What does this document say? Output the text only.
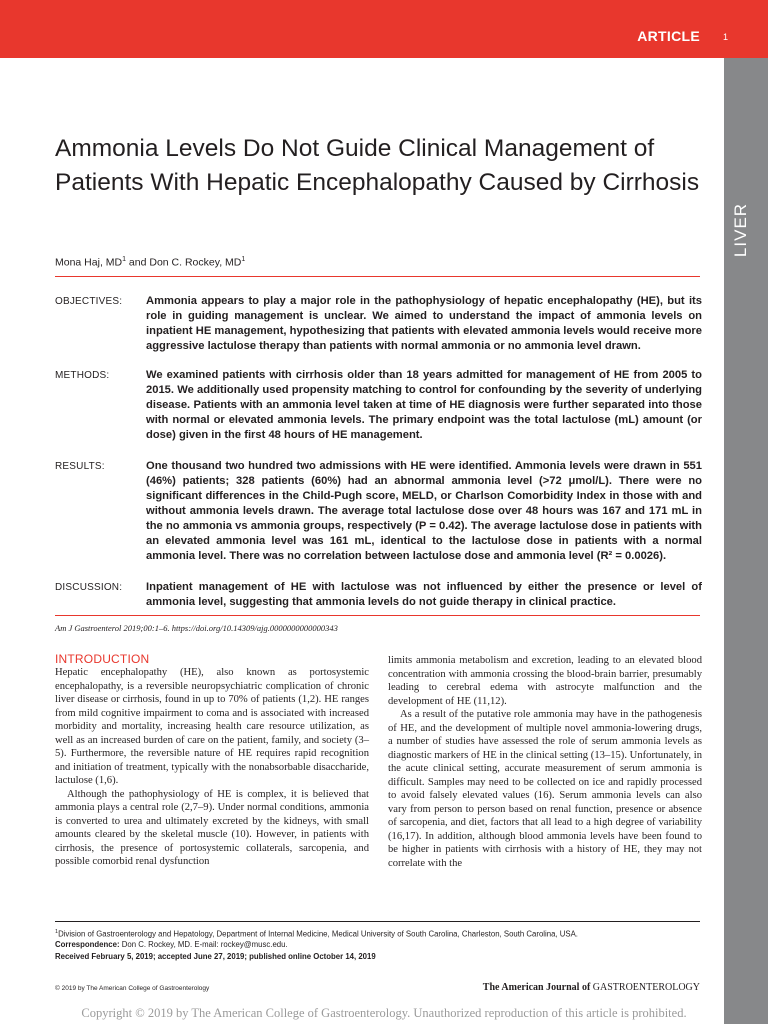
ARTICLE	1
LIVER
Ammonia Levels Do Not Guide Clinical Management of Patients With Hepatic Encephalopathy Caused by Cirrhosis
Mona Haj, $MD^1$ and Don C. Rockey, $MD^1$
OBJECTIVES: Ammonia appears to play a major role in the pathophysiology of hepatic encephalopathy (HE), but its role in guiding management is unclear. We aimed to understand the impact of ammonia levels on inpatient HE management, hypothesizing that patients with elevated ammonia levels would receive more aggressive lactulose therapy than patients with normal ammonia or no ammonia level drawn.
METHODS:	We examined patients with cirrhosis older than 18 years admitted for management of HE from 2005 to 2015. We additionally used propensity matching to control for confounding by the severity of underlying disease. Patients with an ammonia level taken at time of HE diagnosis were further separated into those with normal or elevated ammonia levels. The primary endpoint was the total lactulose (mL) amount (or dose) given in the first 48 hours of HE management.
RESULTS:	One thousand two hundred two admissions with HE were identified. Ammonia levels were drawn in 551 (46%) patients; 328 patients (60%) had an abnormal ammonia level (>72 μmol/L). There were no significant differences in the Child-Pugh score, MELD, or Charlson Comorbidity Index in those with and without ammonia levels drawn. The average total lactulose dose over 48 hours was 167 and 171 mL in the no ammonia vs ammonia groups, respectively (P = 0.42). The average lactulose dose in patients with an elevated ammonia level was 161 mL, identical to the lactulose dose in patients with a normal ammonia level. There was no correlation between lactulose dose and ammonia level (R² = 0.0026).
DISCUSSION: Inpatient management of HE with lactulose was not influenced by either the presence or level of ammonia level, suggesting that ammonia levels do not guide therapy in clinical practice.
Am J Gastroenterol 2019;00:1–6. https://doi.org/10.14309/ajg.0000000000000343
INTRODUCTION

Hepatic encephalopathy (HE), also known as portosystemic encephalopathy, is a reversible neuropsychiatric complication of chronic liver disease or cirrhosis, found in up to 70% of patients (1,2). HE ranges from mild cognitive impairment to coma and is associated with increased morbidity and mortality, increasing health care resource utilization, as well as an increased burden of care on the patient, family, and society (3–5). Furthermore, the reversible nature of HE requires rapid recognition and initiation of treatment, typically with the nonabsorbable disaccharide, lactulose (1,6).

Although the pathophysiology of HE is complex, it is believed that ammonia plays a central role (2,7–9). Under normal conditions, ammonia is converted to urea and ultimately excreted by the kidneys, with small amounts cleared by the skeletal muscle (10). However, in patients with cirrhosis, the presence of portosystemic collaterals, sarcopenia, and possible comorbid renal dysfunction

limits ammonia metabolism and excretion, leading to an elevated blood concentration with ammonia crossing the blood-brain barrier, presumably leading to cerebral edema with astrocyte malfunction and the development of HE (11,12).

As a result of the putative role ammonia may have in the pathogenesis of HE, and the development of multiple novel ammonia-lowering drugs, a number of studies have assessed the role of serum ammonia levels as diagnostic markers of HE in the clinical setting (13–15). Unfortunately, in the acute clinical setting, accurate measurement of serum ammonia is difficult. Samples may need to be collected on ice and rapidly processed to avoid falsely elevated values (16). Serum ammonia levels can also vary from person to person based on renal function, presence or absence of sarcopenia, and diet, factors that all lead to a high degree of variability (16,17). In addition, although blood ammonia levels have been found to be higher in patients with cirrhosis with a history of HE, they may not correlate with the

$^1$Division of Gastroenterology and Hepatology, Department of Internal Medicine, Medical University of South Carolina, Charleston, South Carolina, USA.
Correspondence: Don C. Rockey, MD. E-mail: rockey@musc.edu.
Received February 5, 2019; accepted June 27, 2019; published online October 14, 2019
© 2019 by The American College of Gastroenterology	The American Journal of GASTROENTEROLOGY
Copyright © 2019 by The American College of Gastroenterology. Unauthorized reproduction of this article is prohibited.
